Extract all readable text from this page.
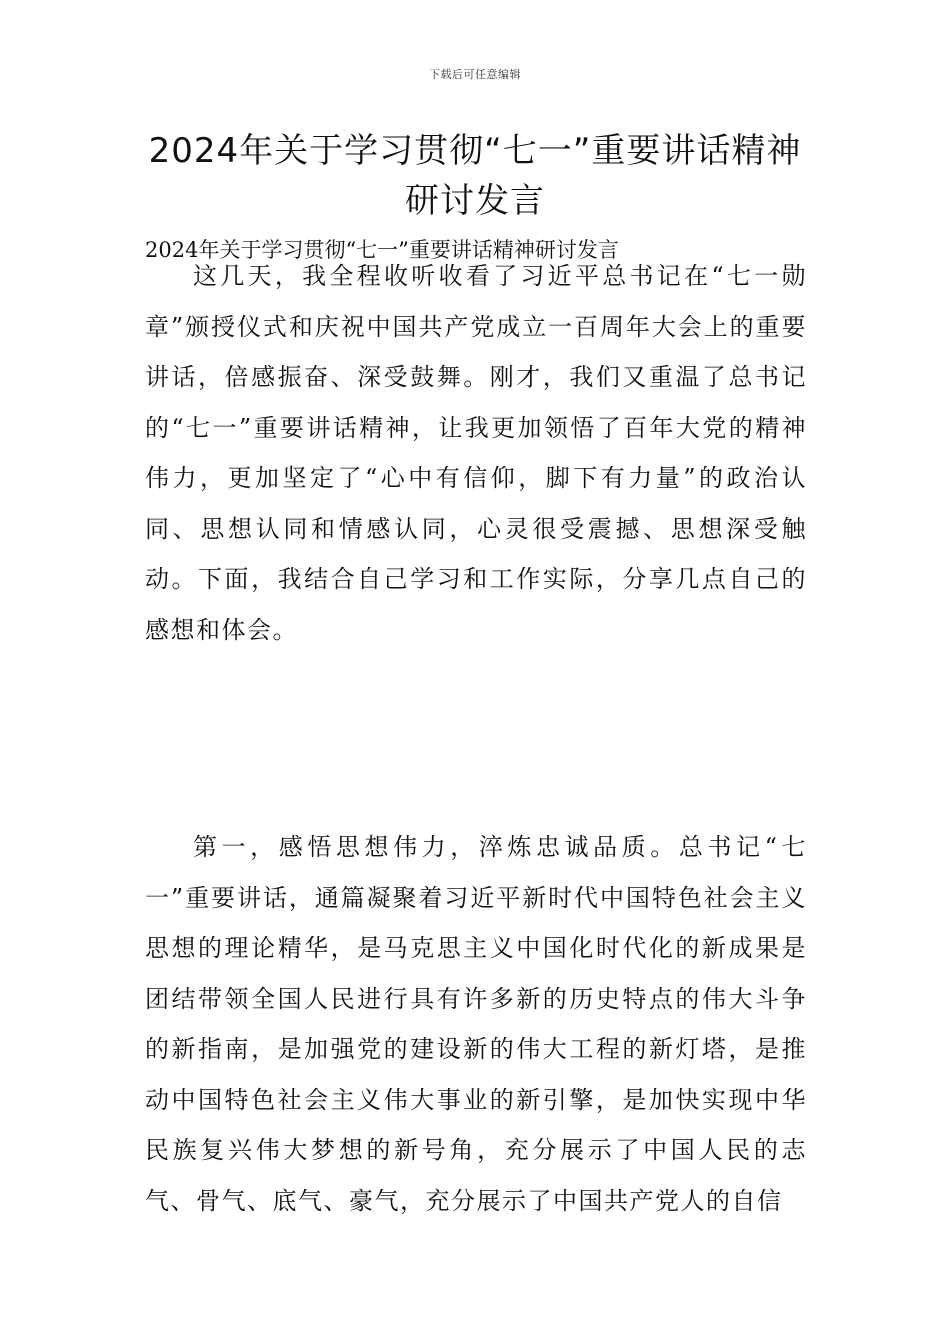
下载后可任意编辑
2024年关于学习贯彻“七一”重要讲话精神研讨发言

2024年关于学习贯彻“七一”重要讲话精神研讨发言

这几天，我全程收听收看了习近平总书记在“七一勋章”颁授仪式和庆祝中国共产党成立一百周年大会上的重要讲话，倍感振奋、深受鼓舞。刚才，我们又重温了总书记的“七一”重要讲话精神，让我更加领悟了百年大党的精神伟力，更加坚定了“心中有信仰，脚下有力量”的政治认同、思想认同和情感认同，心灵很受震撼、思想深受触动。下面，我结合自己学习和工作实际，分享几点自己的感想和体会。

第一，感悟思想伟力，淬炼忠诚品质。总书记“七一”重要讲话，通篇凝聚着习近平新时代中国特色社会主义思想的理论精华，是马克思主义中国化时代化的新成果是团结带领全国人民进行具有许多新的历史特点的伟大斗争的新指南，是加强党的建设新的伟大工程的新灯塔，是推动中国特色社会主义伟大事业的新引擎，是加快实现中华民族复兴伟大梦想的新号角，充分展示了中国人民的志气、骨气、底气、豪气，充分展示了中国共产党人的自信
